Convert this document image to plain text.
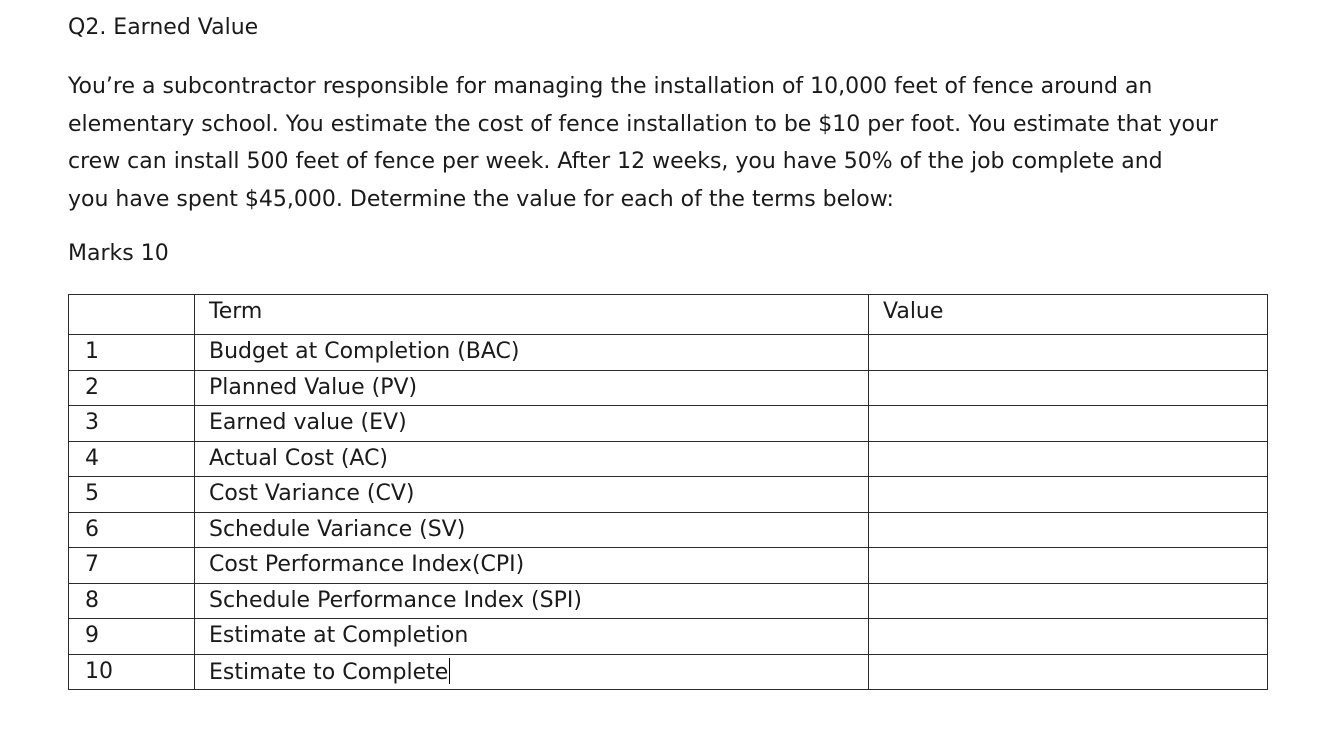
Q2. Earned Value
You’re a subcontractor responsible for managing the installation of 10,000 feet of fence around an
elementary school. You estimate the cost of fence installation to be $10 per foot. You estimate that your
crew can install 500 feet of fence per week. After 12 weeks, you have 50% of the job complete and
you have spent $45,000. Determine the value for each of the terms below:
Marks 10
	Term	Value
1	Budget at Completion (BAC)	
2	Planned Value (PV)	
3	Earned value (EV)	
4	Actual Cost (AC)	
5	Cost Variance (CV)	
6	Schedule Variance (SV)	
7	Cost Performance Index(CPI)	
8	Schedule Performance Index (SPI)	
9	Estimate at Completion	
10	Estimate to Complete	
